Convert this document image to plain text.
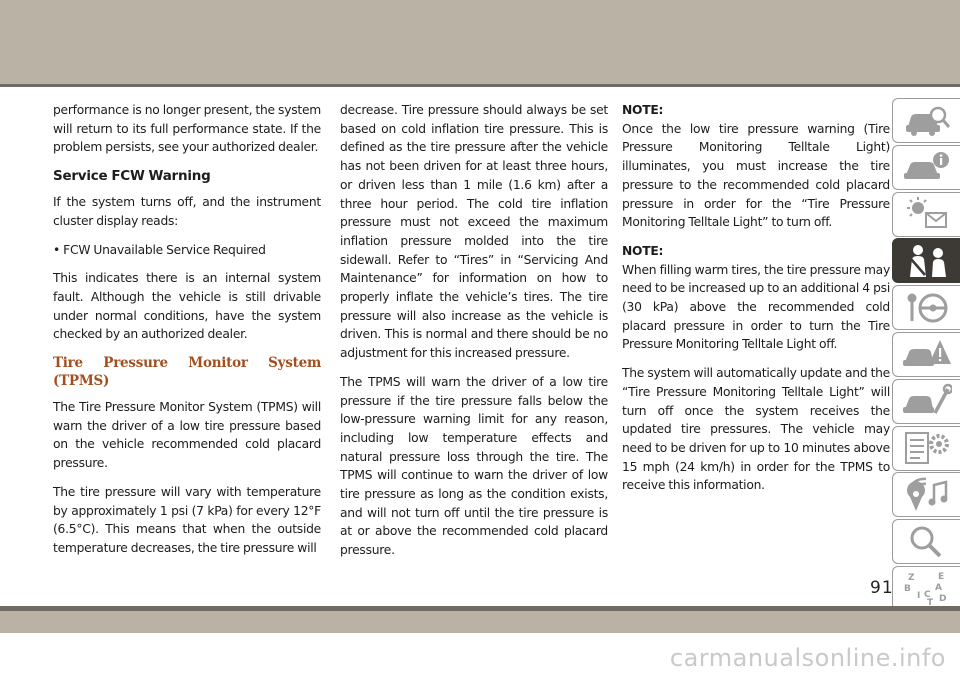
performance is no longer present, the system will return to its full performance state. If the problem persists, see your authorized dealer.

Service FCW Warning

If the system turns off, and the instrument cluster display reads:

• FCW Unavailable Service Required

This indicates there is an internal system fault. Although the vehicle is still drivable under normal conditions, have the system checked by an authorized dealer.

Tire Pressure Monitor System (TPMS)

The Tire Pressure Monitor System (TPMS) will warn the driver of a low tire pressure based on the vehicle recommended cold placard pressure.

The tire pressure will vary with temperature by approximately 1 psi (7 kPa) for every 12°F (6.5°C). This means that when the outside temperature decreases, the tire pressure will

decrease. Tire pressure should always be set based on cold inflation tire pressure. This is defined as the tire pressure after the vehicle has not been driven for at least three hours, or driven less than 1 mile (1.6 km) after a three hour period. The cold tire inflation pressure must not exceed the maximum inflation pressure molded into the tire sidewall. Refer to “Tires” in “Servicing And Maintenance” for information on how to properly inflate the vehicle’s tires. The tire pressure will also increase as the vehicle is driven. This is normal and there should be no adjustment for this increased pressure.

The TPMS will warn the driver of a low tire pressure if the tire pressure falls below the low-pressure warning limit for any reason, including low temperature effects and natural pressure loss through the tire. The TPMS will continue to warn the driver of low tire pressure as long as the condition exists, and will not turn off until the tire pressure is at or above the recommended cold placard pressure.

NOTE:

Once the low tire pressure warning (Tire Pressure Monitoring Telltale Light) illuminates, you must increase the tire pressure to the recommended cold placard pressure in order for the “Tire Pressure Monitoring Telltale Light” to turn off.

NOTE:

When filling warm tires, the tire pressure may need to be increased up to an additional 4 psi (30 kPa) above the recommended cold placard pressure in order to turn the Tire Pressure Monitoring Telltale Light off.

The system will automatically update and the “Tire Pressure Monitoring Telltale Light” will turn off once the system receives the updated tire pressures. The vehicle may need to be driven for up to 10 minutes above 15 mph (24 km/h) in order for the TPMS to receive this information.

Z	E
B	A
I C
T D
91
carmanualsonline.info
